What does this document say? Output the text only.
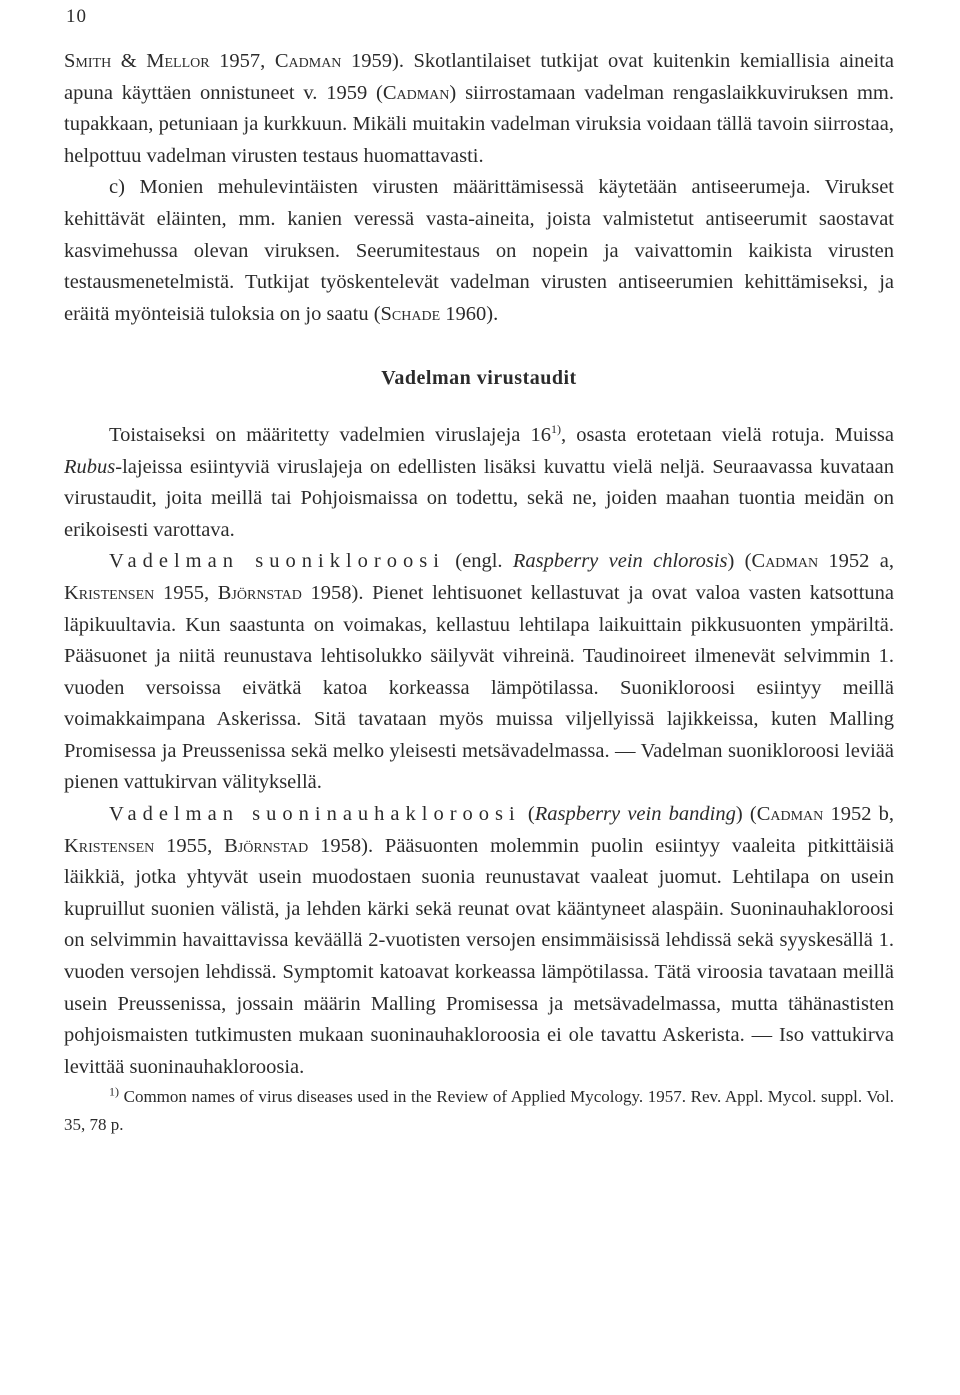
10

Smith & Mellor 1957, Cadman 1959). Skotlantilaiset tutkijat ovat kuitenkin kemiallisia aineita apuna käyttäen onnistuneet v. 1959 (Cadman) siirrostamaan vadelman rengaslaikkuviruksen mm. tupakkaan, petuniaan ja kurkkuun. Mikäli muitakin vadelman viruksia voidaan tällä tavoin siirrostaa, helpottuu vadelman virusten testaus huomattavasti.

c) Monien mehulevintäisten virusten määrittämisessä käytetään antiseerumeja. Virukset kehittävät eläinten, mm. kanien veressä vasta-aineita, joista valmistetut antiseerumit saostavat kasvimehussa olevan viruksen. Seerumitestaus on nopein ja vaivattomin kaikista virusten testausmenetelmistä. Tutkijat työskentelevät vadelman virusten antiseerumien kehittämiseksi, ja eräitä myönteisiä tuloksia on jo saatu (Schade 1960).

Vadelman virustaudit

Toistaiseksi on määritetty vadelmien viruslajeja 16$^{1)}$, osasta erotetaan vielä rotuja. Muissa Rubus-lajeissa esiintyviä viruslajeja on edellisten lisäksi kuvattu vielä neljä. Seuraavassa kuvataan virustaudit, joita meillä tai Pohjoismaissa on todettu, sekä ne, joiden maahan tuontia meidän on erikoisesti varottava.

Vadelman suonikloroosi (engl. Raspberry vein chlorosis) (Cadman 1952 a, Kristensen 1955, Björnstad 1958). Pienet lehtisuonet kellastuvat ja ovat valoa vasten katsottuna läpikuultavia. Kun saastunta on voimakas, kellastuu lehtilapa laikuittain pikkusuonten ympäriltä. Pääsuonet ja niitä reunustava lehtisolukko säilyvät vihreinä. Taudinoireet ilmenevät selvimmin 1. vuoden versoissa eivätkä katoa korkeassa lämpötilassa. Suonikloroosi esiintyy meillä voimakkaimpana Askerissa. Sitä tavataan myös muissa viljellyissä lajikkeissa, kuten Malling Promisessa ja Preussenissa sekä melko yleisesti metsävadelmassa. — Vadelman suonikloroosi leviää pienen vattukirvan välityksellä.

Vadelman suoninauhakloroosi (Raspberry vein banding) (Cadman 1952 b, Kristensen 1955, Björnstad 1958). Pääsuonten molemmin puolin esiintyy vaaleita pitkittäisiä läikkiä, jotka yhtyvät usein muodostaen suonia reunustavat vaaleat juomut. Lehtilapa on usein kupruillut suonien välistä, ja lehden kärki sekä reunat ovat kääntyneet alaspäin. Suoninauhakloroosi on selvimmin havaittavissa keväällä 2-vuotisten versojen ensimmäisissä lehdissä sekä syyskesällä 1. vuoden versojen lehdissä. Symptomit katoavat korkeassa lämpötilassa. Tätä viroosia tavataan meillä usein Preussenissa, jossain määrin Malling Promisessa ja metsävadelmassa, mutta tähänastisten pohjoismaisten tutkimusten mukaan suoninauhakloroosia ei ole tavattu Askerista. — Iso vattukirva levittää suoninauhakloroosia.

$^{1)}$ Common names of virus diseases used in the Review of Applied Mycology. 1957. Rev. Appl. Mycol. suppl. Vol. 35, 78 p.
